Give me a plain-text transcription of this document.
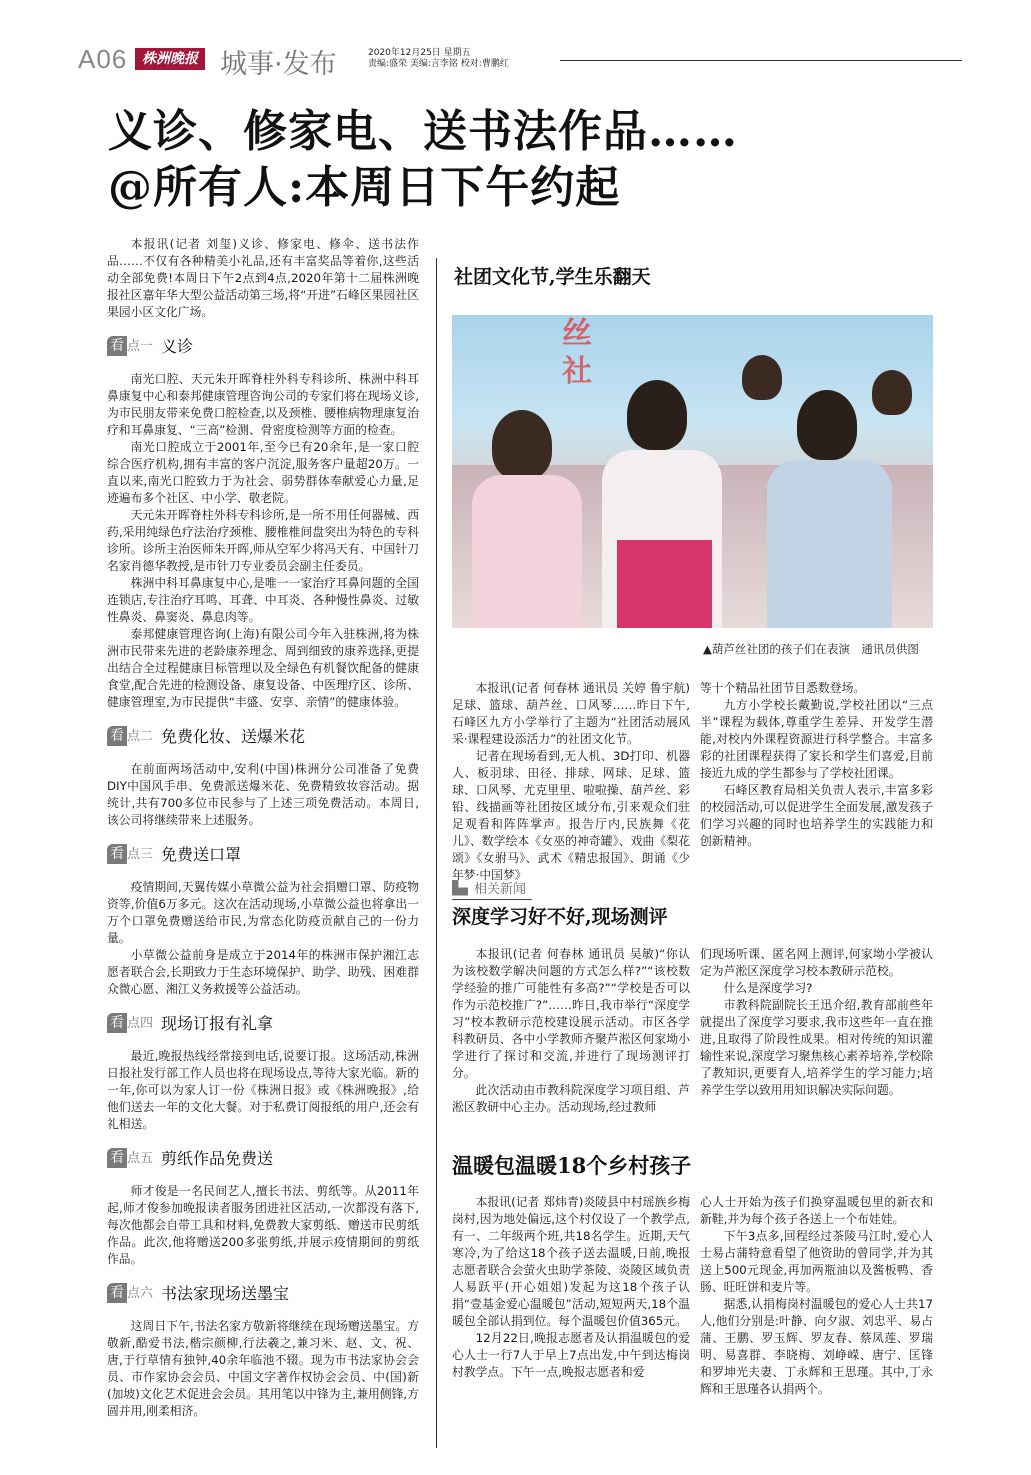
A06	株洲晚报 城事·发布	2020年12月25日 星期五
责编:盛荣 美编:言李铭 校对:曹鹏红
义诊、修家电、送书法作品……
@所有人:本周日下午约起

本报讯(记者 刘玺)义诊、修家电、修伞、送书法作品……不仅有各种精美小礼品,还有丰富奖品等着你,这些活动全部免费!本周日下午2点到4点,2020年第十二届株洲晚报社区嘉年华大型公益活动第三场,将“开进”石峰区果园社区果园小区文化广场。

看 点一 义诊

南光口腔、天元朱开晖脊柱外科专科诊所、株洲中科耳鼻康复中心和泰邦健康管理咨询公司的专家们将在现场义诊,为市民朋友带来免费口腔检查,以及颈椎、腰椎病物理康复治疗和耳鼻康复、“三高”检测、骨密度检测等方面的检查。

南光口腔成立于2001年,至今已有20余年,是一家口腔综合医疗机构,拥有丰富的客户沉淀,服务客户量超20万。一直以来,南光口腔致力于为社会、弱势群体奉献爱心力量,足迹遍布多个社区、中小学、敬老院。

天元朱开晖脊柱外科专科诊所,是一所不用任何器械、西药,采用纯绿色疗法治疗颈椎、腰椎椎间盘突出为特色的专科诊所。诊所主治医师朱开晖,师从空军少将冯天有、中国针刀名家肖德华教授,是市针刀专业委员会副主任委员。

株洲中科耳鼻康复中心,是唯一一家治疗耳鼻问题的全国连锁店,专注治疗耳鸣、耳聋、中耳炎、各种慢性鼻炎、过敏性鼻炎、鼻窦炎、鼻息肉等。

泰邦健康管理咨询(上海)有限公司今年入驻株洲,将为株洲市民带来先进的老龄康养理念、周到细致的康养选择,更提出结合全过程健康目标管理以及全绿色有机餐饮配备的健康食堂,配合先进的检测设备、康复设备、中医理疗区、诊所、健康管理室,为市民提供“丰盛、安享、亲情”的健康体验。

看 点二 免费化妆、送爆米花

在前面两场活动中,安利(中国)株洲分公司准备了免费DIY中国风手串、免费派送爆米花、免费精致妆容活动。据统计,共有700多位市民参与了上述三项免费活动。本周日,该公司将继续带来上述服务。

看 点三 免费送口罩

疫情期间,天翼传媒小草微公益为社会捐赠口罩、防疫物资等,价值6万多元。这次在活动现场,小草微公益也将拿出一万个口罩免费赠送给市民,为常态化防疫贡献自己的一份力量。

小草微公益前身是成立于2014年的株洲市保护湘江志愿者联合会,长期致力于生态环境保护、助学、助残、困难群众微心愿、湘江义务救援等公益活动。

看 点四 现场订报有礼拿

最近,晚报热线经常接到电话,说要订报。这场活动,株洲日报社发行部工作人员也将在现场设点,等待大家光临。新的一年,你可以为家人订一份《株洲日报》或《株洲晚报》,给他们送去一年的文化大餐。对于私费订阅报纸的用户,还会有礼相送。

看 点五 剪纸作品免费送

师才俊是一名民间艺人,擅长书法、剪纸等。从2011年起,师才俊参加晚报读者服务团进社区活动,一次都没有落下,每次他都会自带工具和材料,免费教大家剪纸、赠送市民剪纸作品。此次,他将赠送200多张剪纸,并展示疫情期间的剪纸作品。

看 点六 书法家现场送墨宝

这周日下午,书法名家方敬新将继续在现场赠送墨宝。方敬新,酷爱书法,楷宗颜柳,行法羲之,兼习米、赵、文、祝、唐,于行草情有独钟,40余年临池不辍。现为市书法家协会会员、市作家协会会员、中国文字著作权协会会员、中(国)新(加坡)文化艺术促进会会员。其用笔以中锋为主,兼用侧锋,方圆并用,刚柔相济。

社团文化节,学生乐翻天
丝
社
▲葫芦丝社团的孩子们在表演　通讯员供图

本报讯(记者 何春林 通讯员 关婷 鲁宇航)足球、篮球、葫芦丝、口风琴……昨日下午,石峰区九方小学举行了主题为“社团活动展风采·课程建设添活力”的社团文化节。

记者在现场看到,无人机、3D打印、机器人、板羽球、田径、排球、网球、足球、篮球、口风琴、尤克里里、啦啦操、葫芦丝、彩铅、线描画等社团按区域分布,引来观众们驻足观看和阵阵掌声。报告厅内,民族舞《花儿》、数学绘本《女巫的神奇罐》、戏曲《梨花颂》《女驸马》、武术《精忠报国》、朗诵《少年梦·中国梦》

等十个精品社团节目悉数登场。

九方小学校长戴勤说,学校社团以“三点半”课程为载体,尊重学生差异、开发学生潜能,对校内外课程资源进行科学整合。丰富多彩的社团课程获得了家长和学生们喜爱,目前接近九成的学生都参与了学校社团课。

石峰区教育局相关负责人表示,丰富多彩的校园活动,可以促进学生全面发展,激发孩子们学习兴趣的同时也培养学生的实践能力和创新精神。

相关新闻
深度学习好不好,现场测评

本报讯(记者 何春林 通讯员 吴敏)“你认为该校数学解决问题的方式怎么样?”“该校数学经验的推广可能性有多高?”“学校是否可以作为示范校推广?”……昨日,我市举行“深度学习”校本教研示范校建设展示活动。市区各学科教研员、各中小学教师齐聚芦淞区何家坳小学进行了探讨和交流,并进行了现场测评打分。

此次活动由市教科院深度学习项目组、芦淞区教研中心主办。活动现场,经过教师

们现场听课、匿名网上测评,何家坳小学被认定为芦淞区深度学习校本教研示范校。

什么是深度学习?

市教科院副院长王迅介绍,教育部前些年就提出了深度学习要求,我市这些年一直在推进,且取得了阶段性成果。相对传统的知识灌输性来说,深度学习聚焦核心素养培养,学校除了教知识,更要育人,培养学生的学习能力;培养学生学以致用用知识解决实际问题。

温暖包温暖18个乡村孩子

本报讯(记者 郑炜青)炎陵县中村瑶族乡梅岗村,因为地处偏远,这个村仅设了一个教学点,有一、二年级两个班,共18名学生。近期,天气寒冷,为了给这18个孩子送去温暖,日前,晚报志愿者联合会萤火虫助学茶陵、炎陵区域负责人易跃平(开心姐姐)发起为这18个孩子认捐“壹基金爱心温暖包”活动,短短两天,18个温暖包全部认捐到位。每个温暖包价值365元。

12月22日,晚报志愿者及认捐温暖包的爱心人士一行7人于早上7点出发,中午到达梅岗村教学点。下午一点,晚报志愿者和爱

心人士开始为孩子们换穿温暖包里的新衣和新鞋,并为每个孩子各送上一个布娃娃。

下午3点多,回程经过茶陵马江时,爱心人士易占蒲特意看望了他资助的曾同学,并为其送上500元现金,再加两瓶油以及酱板鸭、香肠、旺旺饼和麦片等。

据悉,认捐梅岗村温暖包的爱心人士共17人,他们分别是:叶静、向夕淑、刘忠平、易占蒲、王鹏、罗玉辉、罗友春、蔡凤莲、罗瑞明、易喜群、李晓梅、刘峥嵘、唐宁、匡锋和罗坤光夫妻、丁永辉和王思瑾。其中,丁永辉和王思瑾各认捐两个。
